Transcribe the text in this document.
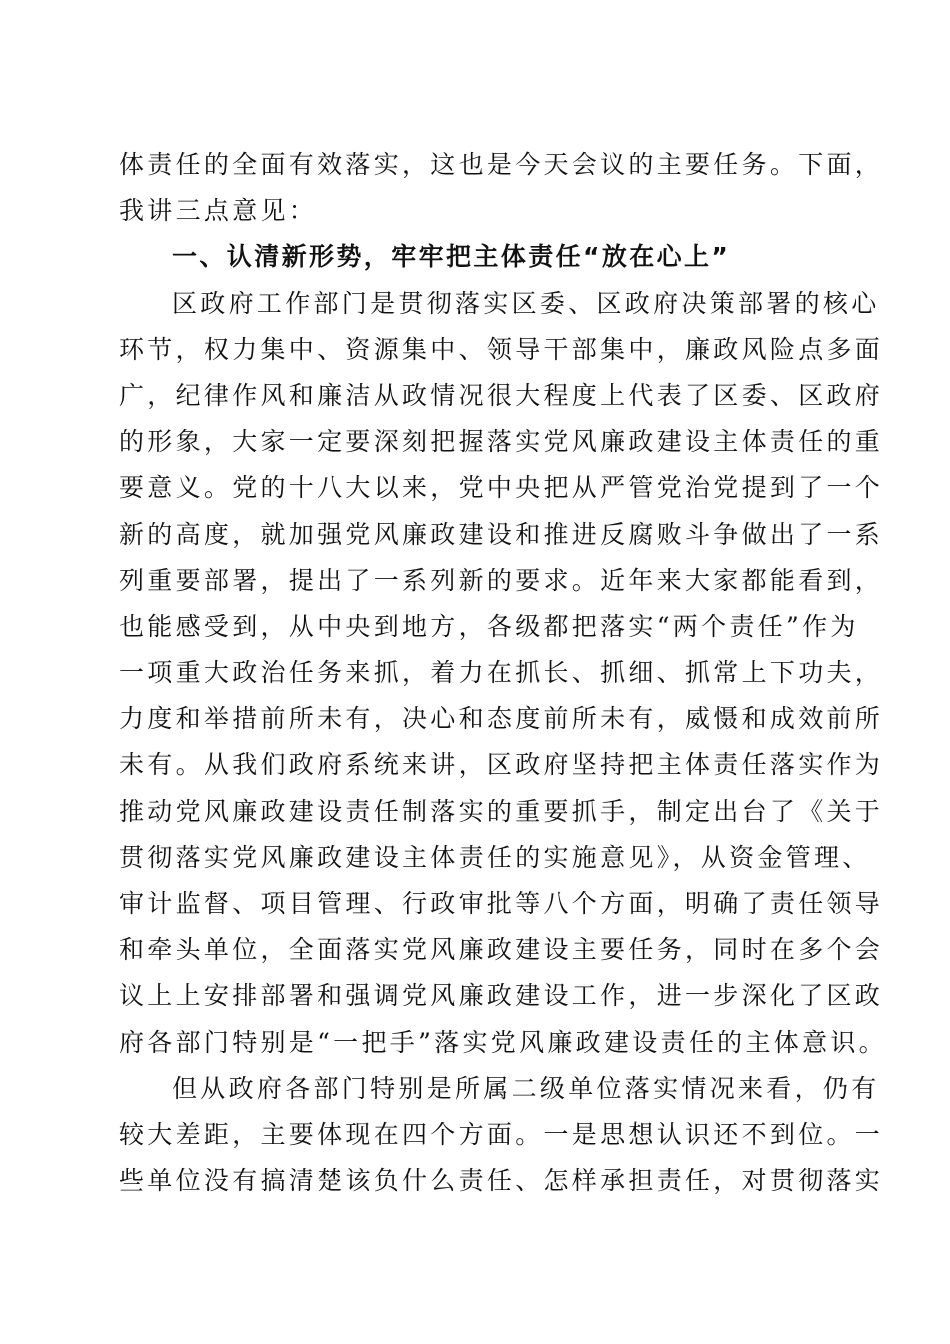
体责任的全面有效落实，这也是今天会议的主要任务。下面，
我讲三点意见：
一、认清新形势，牢牢把主体责任“放在心上”
区政府工作部门是贯彻落实区委、区政府决策部署的核心
环节，权力集中、资源集中、领导干部集中，廉政风险点多面
广，纪律作风和廉洁从政情况很大程度上代表了区委、区政府
的形象，大家一定要深刻把握落实党风廉政建设主体责任的重
要意义。党的十八大以来，党中央把从严管党治党提到了一个
新的高度，就加强党风廉政建设和推进反腐败斗争做出了一系
列重要部署，提出了一系列新的要求。近年来大家都能看到，
也能感受到，从中央到地方，各级都把落实“两个责任”作为
一项重大政治任务来抓，着力在抓长、抓细、抓常上下功夫，
力度和举措前所未有，决心和态度前所未有，威慑和成效前所
未有。从我们政府系统来讲，区政府坚持把主体责任落实作为
推动党风廉政建设责任制落实的重要抓手，制定出台了《关于
贯彻落实党风廉政建设主体责任的实施意见》，从资金管理、
审计监督、项目管理、行政审批等八个方面，明确了责任领导
和牵头单位，全面落实党风廉政建设主要任务，同时在多个会
议上上安排部署和强调党风廉政建设工作，进一步深化了区政
府各部门特别是“一把手”落实党风廉政建设责任的主体意识。
但从政府各部门特别是所属二级单位落实情况来看，仍有
较大差距，主要体现在四个方面。一是思想认识还不到位。一
些单位没有搞清楚该负什么责任、怎样承担责任，对贯彻落实
